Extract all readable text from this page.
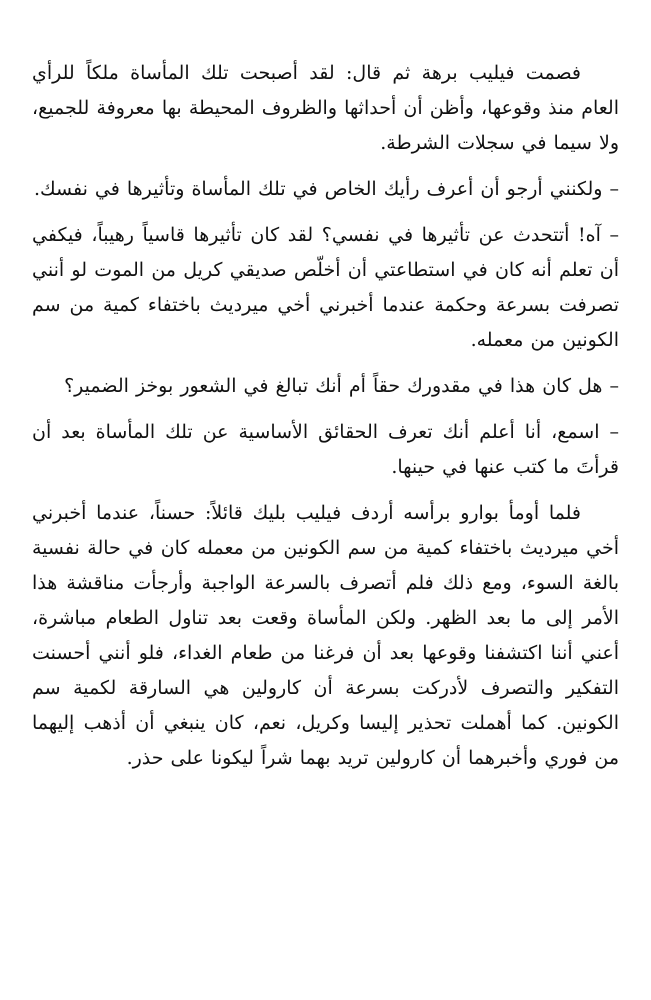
فصمت فيليب برهة ثم قال: لقد أصبحت تلك المأساة ملكاً للرأي العام منذ وقوعها، وأظن أن أحداثها والظروف المحيطة بها معروفة للجميع، ولا سيما في سجلات الشرطة.

– ولكنني أرجو أن أعرف رأيك الخاص في تلك المأساة وتأثيرها في نفسك.

– آه! أتتحدث عن تأثيرها في نفسي؟ لقد كان تأثيرها قاسياً رهيباً، فيكفي أن تعلم أنه كان في استطاعتي أن أخلّص صديقي كريل من الموت لو أنني تصرفت بسرعة وحكمة عندما أخبرني أخي ميرديث باختفاء كمية من سم الكونين من معمله.

– هل كان هذا في مقدورك حقاً أم أنك تبالغ في الشعور بوخز الضمير؟

– اسمع، أنا أعلم أنك تعرف الحقائق الأساسية عن تلك المأساة بعد أن قرأتَ ما كتب عنها في حينها.

فلما أومأ بوارو برأسه أردف فيليب بليك قائلاً: حسناً، عندما أخبرني أخي ميرديث باختفاء كمية من سم الكونين من معمله كان في حالة نفسية بالغة السوء، ومع ذلك فلم أتصرف بالسرعة الواجبة وأرجأت مناقشة هذا الأمر إلى ما بعد الظهر. ولكن المأساة وقعت بعد تناول الطعام مباشرة، أعني أننا اكتشفنا وقوعها بعد أن فرغنا من طعام الغداء، فلو أنني أحسنت التفكير والتصرف لأدركت بسرعة أن كارولين هي السارقة لكمية سم الكونين. كما أهملت تحذير إليسا وكريل، نعم، كان ينبغي أن أذهب إليهما من فوري وأخبرهما أن كارولين تريد بهما شراً ليكونا على حذر.
